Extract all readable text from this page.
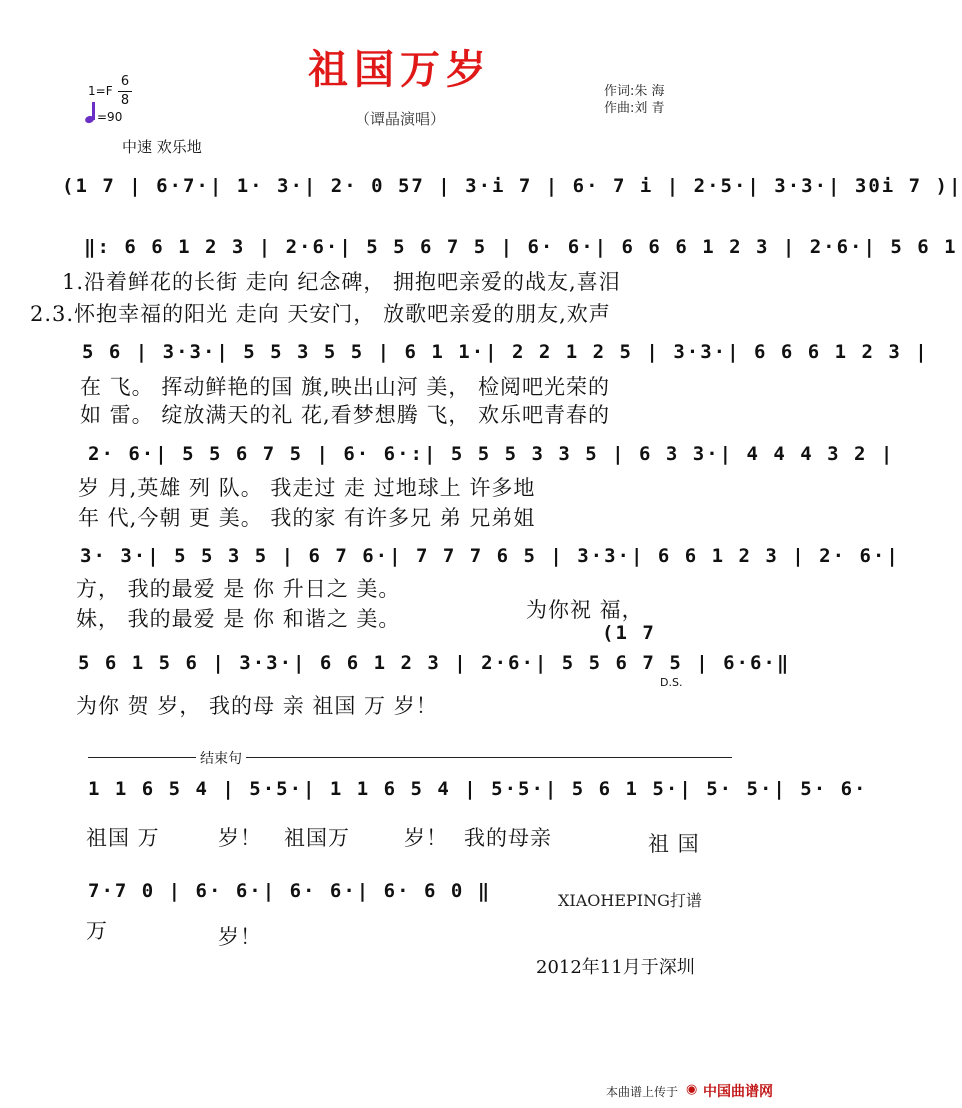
祖国万岁
（谭晶演唱）
作词:朱 海
作曲:刘 青
1=F
6
8
=90
中速 欢乐地
(1 7 | 6·7·| 1· 3·| 2· 0 57 | 3·i 7 | 6· 7 i | 2·5·| 3·3·| 30i 7 )|
‖: 6 6 1 2 3 | 2·6·| 5 5 6 7 5 | 6· 6·| 6 6 6 1 2 3 | 2·6·| 5 6 1
1.沿着鲜花的长街 走向 纪念碑， 拥抱吧亲爱的战友,喜泪
2.3.怀抱幸福的阳光 走向 天安门， 放歌吧亲爱的朋友,欢声
5 6 | 3·3·| 5 5 3 5 5 | 6 1 1·| 2 2 1 2 5 | 3·3·| 6 6 6 1 2 3 |
在 飞。 挥动鲜艳的国 旗,映出山河 美， 检阅吧光荣的
如 雷。 绽放满天的礼 花,看梦想腾 飞， 欢乐吧青春的
2· 6·| 5 5 6 7 5 | 6· 6·:| 5 5 5 3 3 5 | 6 3 3·| 4 4 4 3 2 |
岁 月,英雄 列 队。 我走过 走 过地球上 许多地
年 代,今朝 更 美。 我的家 有许多兄 弟 兄弟姐
3· 3·| 5 5 3 5 | 6 7 6·| 7 7 7 6 5 | 3·3·| 6 6 1 2 3 | 2· 6·|
方， 我的最爱 是 你 升日之 美。
妹， 我的最爱 是 你 和谐之 美。	为你祝 福，
(1 7
5 6 1 5 6 | 3·3·| 6 6 1 2 3 | 2·6·| 5 5 6 7 5 | 6·6·‖
D.S.
为你 贺 岁， 我的母 亲 祖国 万 岁！
结束句
1 1 6 5 4 | 5·5·| 1 1 6 5 4 | 5·5·| 5 6 1 5·| 5· 5·| 5· 6·
祖国 万	岁！ 祖国万	岁！ 我的母亲	祖 国
7·7 0 | 6· 6·| 6· 6·| 6· 6 0 ‖
万	岁！
XIAOHEPING打谱
2012年11月于深圳
本曲谱上传于 ◉ 中国曲谱网
